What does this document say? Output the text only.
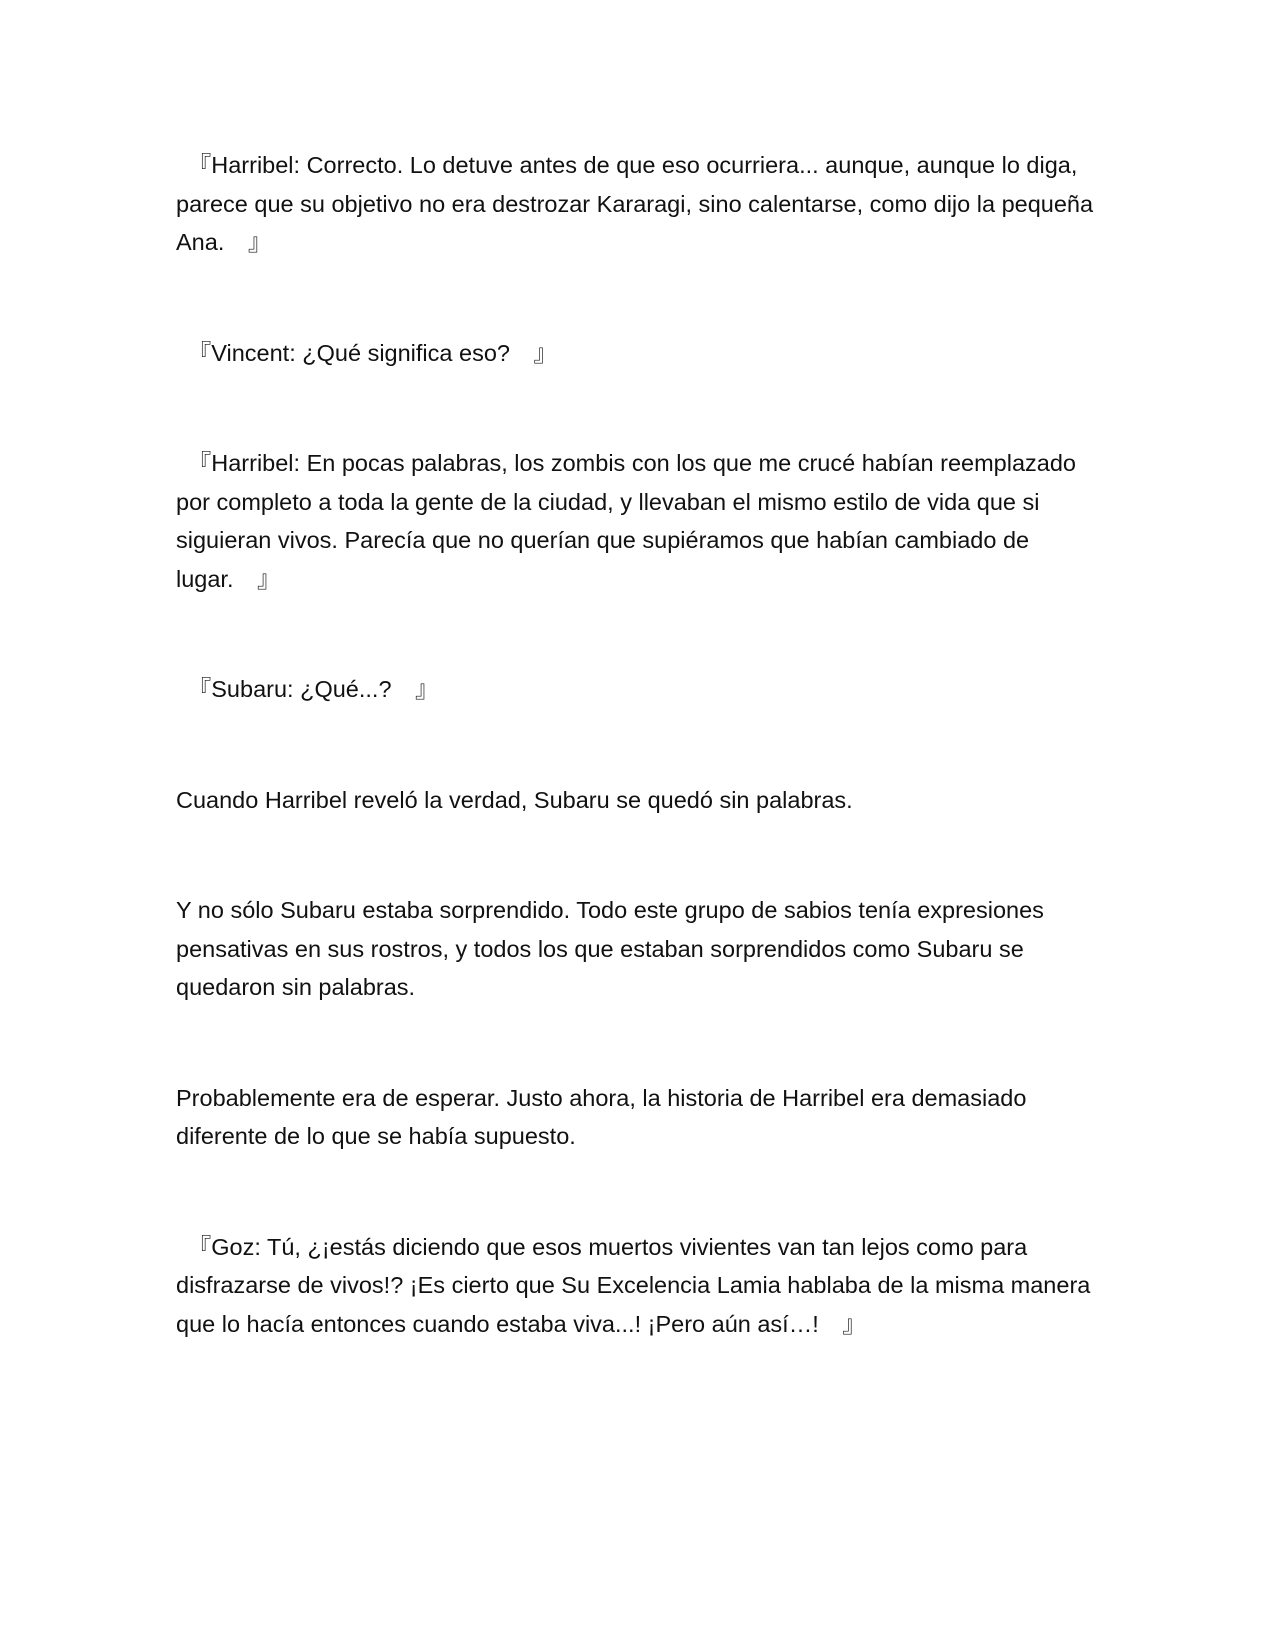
　『Harribel: Correcto. Lo detuve antes de que eso ocurriera... aunque, aunque lo diga, parece que su objetivo no era destrozar Kararagi, sino calentarse, como dijo la pequeña Ana.　』

　『Vincent: ¿Qué significa eso?　』

　『Harribel: En pocas palabras, los zombis con los que me crucé habían reemplazado por completo a toda la gente de la ciudad, y llevaban el mismo estilo de vida que si siguieran vivos. Parecía que no querían que supiéramos que habían cambiado de lugar.　』

　『Subaru: ¿Qué...?　』

Cuando Harribel reveló la verdad, Subaru se quedó sin palabras.

Y no sólo Subaru estaba sorprendido. Todo este grupo de sabios tenía expresiones pensativas en sus rostros, y todos los que estaban sorprendidos como Subaru se quedaron sin palabras.

Probablemente era de esperar. Justo ahora, la historia de Harribel era demasiado diferente de lo que se había supuesto.

　『Goz: Tú, ¿¡estás diciendo que esos muertos vivientes van tan lejos como para disfrazarse de vivos!? ¡Es cierto que Su Excelencia Lamia hablaba de la misma manera que lo hacía entonces cuando estaba viva...! ¡Pero aún así…!　』
